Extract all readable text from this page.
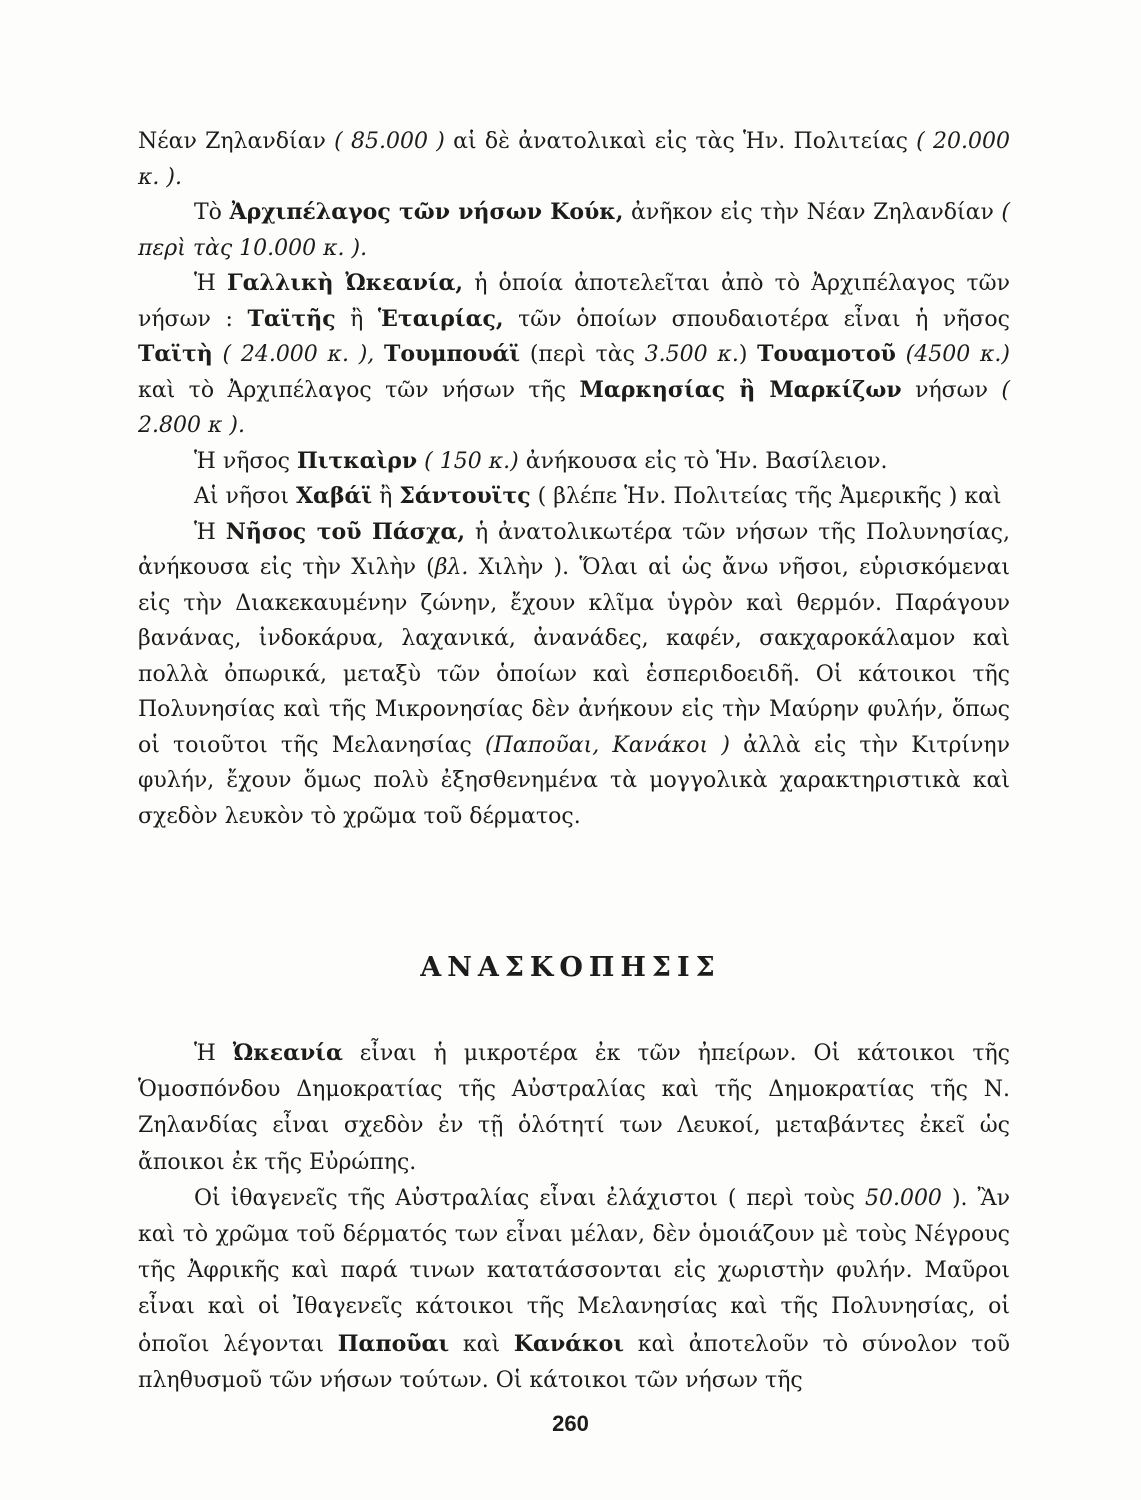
Νέαν Ζηλανδίαν ( 85.000 ) αἱ δὲ ἀνατολικαὶ εἰς τὰς Ἡν. Πολιτείας ( 20.000 κ. ).

Τὸ Ἀρχιπέλαγος τῶν νήσων Κούκ, ἀνῆκον εἰς τὴν Νέαν Ζηλανδίαν ( περὶ τὰς 10.000 κ. ).

Ἡ Γαλλικὴ Ὠκεανία, ἡ ὁποία ἀποτελεῖται ἀπὸ τὸ Ἀρχιπέλαγος τῶν νήσων : Ταϊτῆς ἢ Ἑταιρίας, τῶν ὁποίων σπουδαιοτέρα εἶναι ἡ νῆσος Ταϊτὴ ( 24.000 κ. ), Τουμπουάϊ (περὶ τὰς 3.500 κ.) Τουαμοτοῦ (4500 κ.) καὶ τὸ Ἀρχιπέλαγος τῶν νήσων τῆς Μαρκησίας ἢ Μαρκίζων νήσων ( 2.800 κ ).

Ἡ νῆσος Πιτκαὶρν ( 150 κ.) ἀνήκουσα εἰς τὸ Ἡν. Βασίλειον.

Αἱ νῆσοι Χαβάϊ ἢ Σάντουϊτς ( βλέπε Ἡν. Πολιτείας τῆς Ἀμερικῆς ) καὶ

Ἡ Νῆσος τοῦ Πάσχα, ἡ ἀνατολικωτέρα τῶν νήσων τῆς Πολυνησίας, ἀνήκουσα εἰς τὴν Χιλὴν (βλ. Χιλὴν ). Ὅλαι αἱ ὡς ἄνω νῆσοι, εὑρισκόμεναι εἰς τὴν Διακεκαυμένην ζώνην, ἔχουν κλῖμα ὑγρὸν καὶ θερμόν. Παράγουν βανάνας, ἰνδοκάρυα, λαχανικά, ἀνανάδες, καφέν, σακχαροκάλαμον καὶ πολλὰ ὀπωρικά, μεταξὺ τῶν ὁποίων καὶ ἑσπεριδοειδῆ. Οἱ κάτοικοι τῆς Πολυνησίας καὶ τῆς Μικρονησίας δὲν ἀνήκουν εἰς τὴν Μαύρην φυλήν, ὅπως οἱ τοιοῦτοι τῆς Μελανησίας (Παποῦαι, Κανάκοι ) ἀλλὰ εἰς τὴν Κιτρίνην φυλήν, ἔχουν ὅμως πολὺ ἐξησθενημένα τὰ μογγολικὰ χαρακτηριστικὰ καὶ σχεδὸν λευκὸν τὸ χρῶμα τοῦ δέρματος.

ΑΝΑΣΚΟΠΗΣΙΣ

Ἡ Ὠκεανία εἶναι ἡ μικροτέρα ἐκ τῶν ἠπείρων. Οἱ κάτοικοι τῆς Ὁμοσπόνδου Δημοκρατίας τῆς Αὐστραλίας καὶ τῆς Δημοκρατίας τῆς Ν. Ζηλανδίας εἶναι σχεδὸν ἐν τῇ ὁλότητί των Λευκοί, μεταβάντες ἐκεῖ ὡς ἄποικοι ἐκ τῆς Εὐρώπης.

Οἱ ἰθαγενεῖς τῆς Αὐστραλίας εἶναι ἐλάχιστοι ( περὶ τοὺς 50.000 ). Ἂν καὶ τὸ χρῶμα τοῦ δέρματός των εἶναι μέλαν, δὲν ὁμοιάζουν μὲ τοὺς Νέγρους τῆς Ἀφρικῆς καὶ παρά τινων κατατάσσονται εἰς χωριστὴν φυλήν. Μαῦροι εἶναι καὶ οἱ Ἰθαγενεῖς κάτοικοι τῆς Μελανησίας καὶ τῆς Πολυνησίας, οἱ ὁποῖοι λέγονται Παποῦαι καὶ Κανάκοι καὶ ἀποτελοῦν τὸ σύνολον τοῦ πληθυσμοῦ τῶν νήσων τούτων. Οἱ κάτοικοι τῶν νήσων τῆς

260
